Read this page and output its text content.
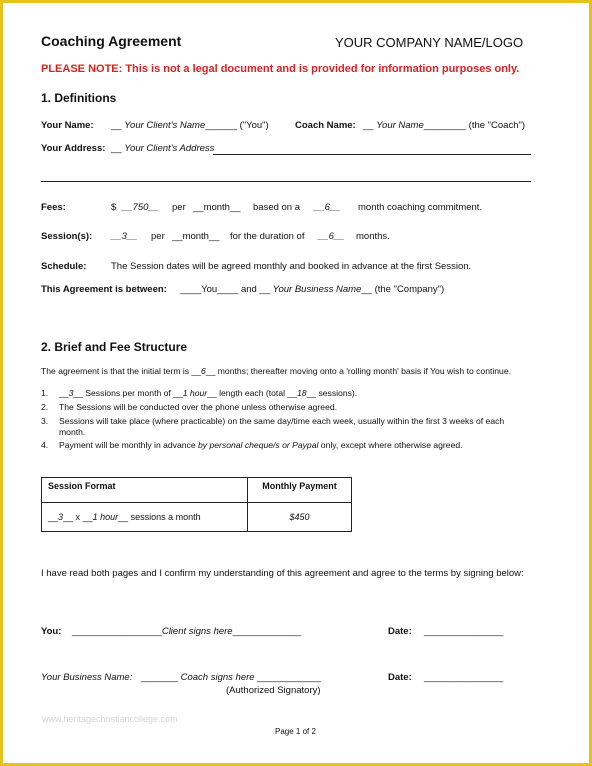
Coaching Agreement	YOUR COMPANY NAME/LOGO
PLEASE NOTE: This is not a legal document and is provided for information purposes only.
1. Definitions
Your Name: __ Your Client's Name______ ("You")	Coach Name: __ Your Name________ (the "Coach")
Your Address: __ Your Client's Address
Fees:	$ __750__ per __month__ based on a __6__ month coaching commitment.
Session(s): __3__ per __month__ for the duration of __6__ months.
Schedule:	The Session dates will be agreed monthly and booked in advance at the first Session.
This Agreement is between: ____You____ and __ Your Business Name__ (the "Company")
2. Brief and Fee Structure
The agreement is that the initial term is __6__ months; thereafter moving onto a 'rolling month' basis if You wish to continue.
1. __3__ Sessions per month of __1 hour__ length each (total __18__ sessions).
2. The Sessions will be conducted over the phone unless otherwise agreed.
3. Sessions will take place (where practicable) on the same day/time each week, usually within the first 3 weeks of each
month.
4. Payment will be monthly in advance by personal cheque/s or Paypal only, except where otherwise agreed.
Session Format	Monthly Payment
__3__ x __1 hour__ sessions a month	$450
I have read both pages and I confirm my understanding of this agreement and agree to the terms by signing below:
You: _________________Client signs here_____________	Date: _______________
Your Business Name: _______ Coach signs here ____________
(Authorized Signatory)
Date: _______________
www.heritagechristiancollege.com
Page 1 of 2
